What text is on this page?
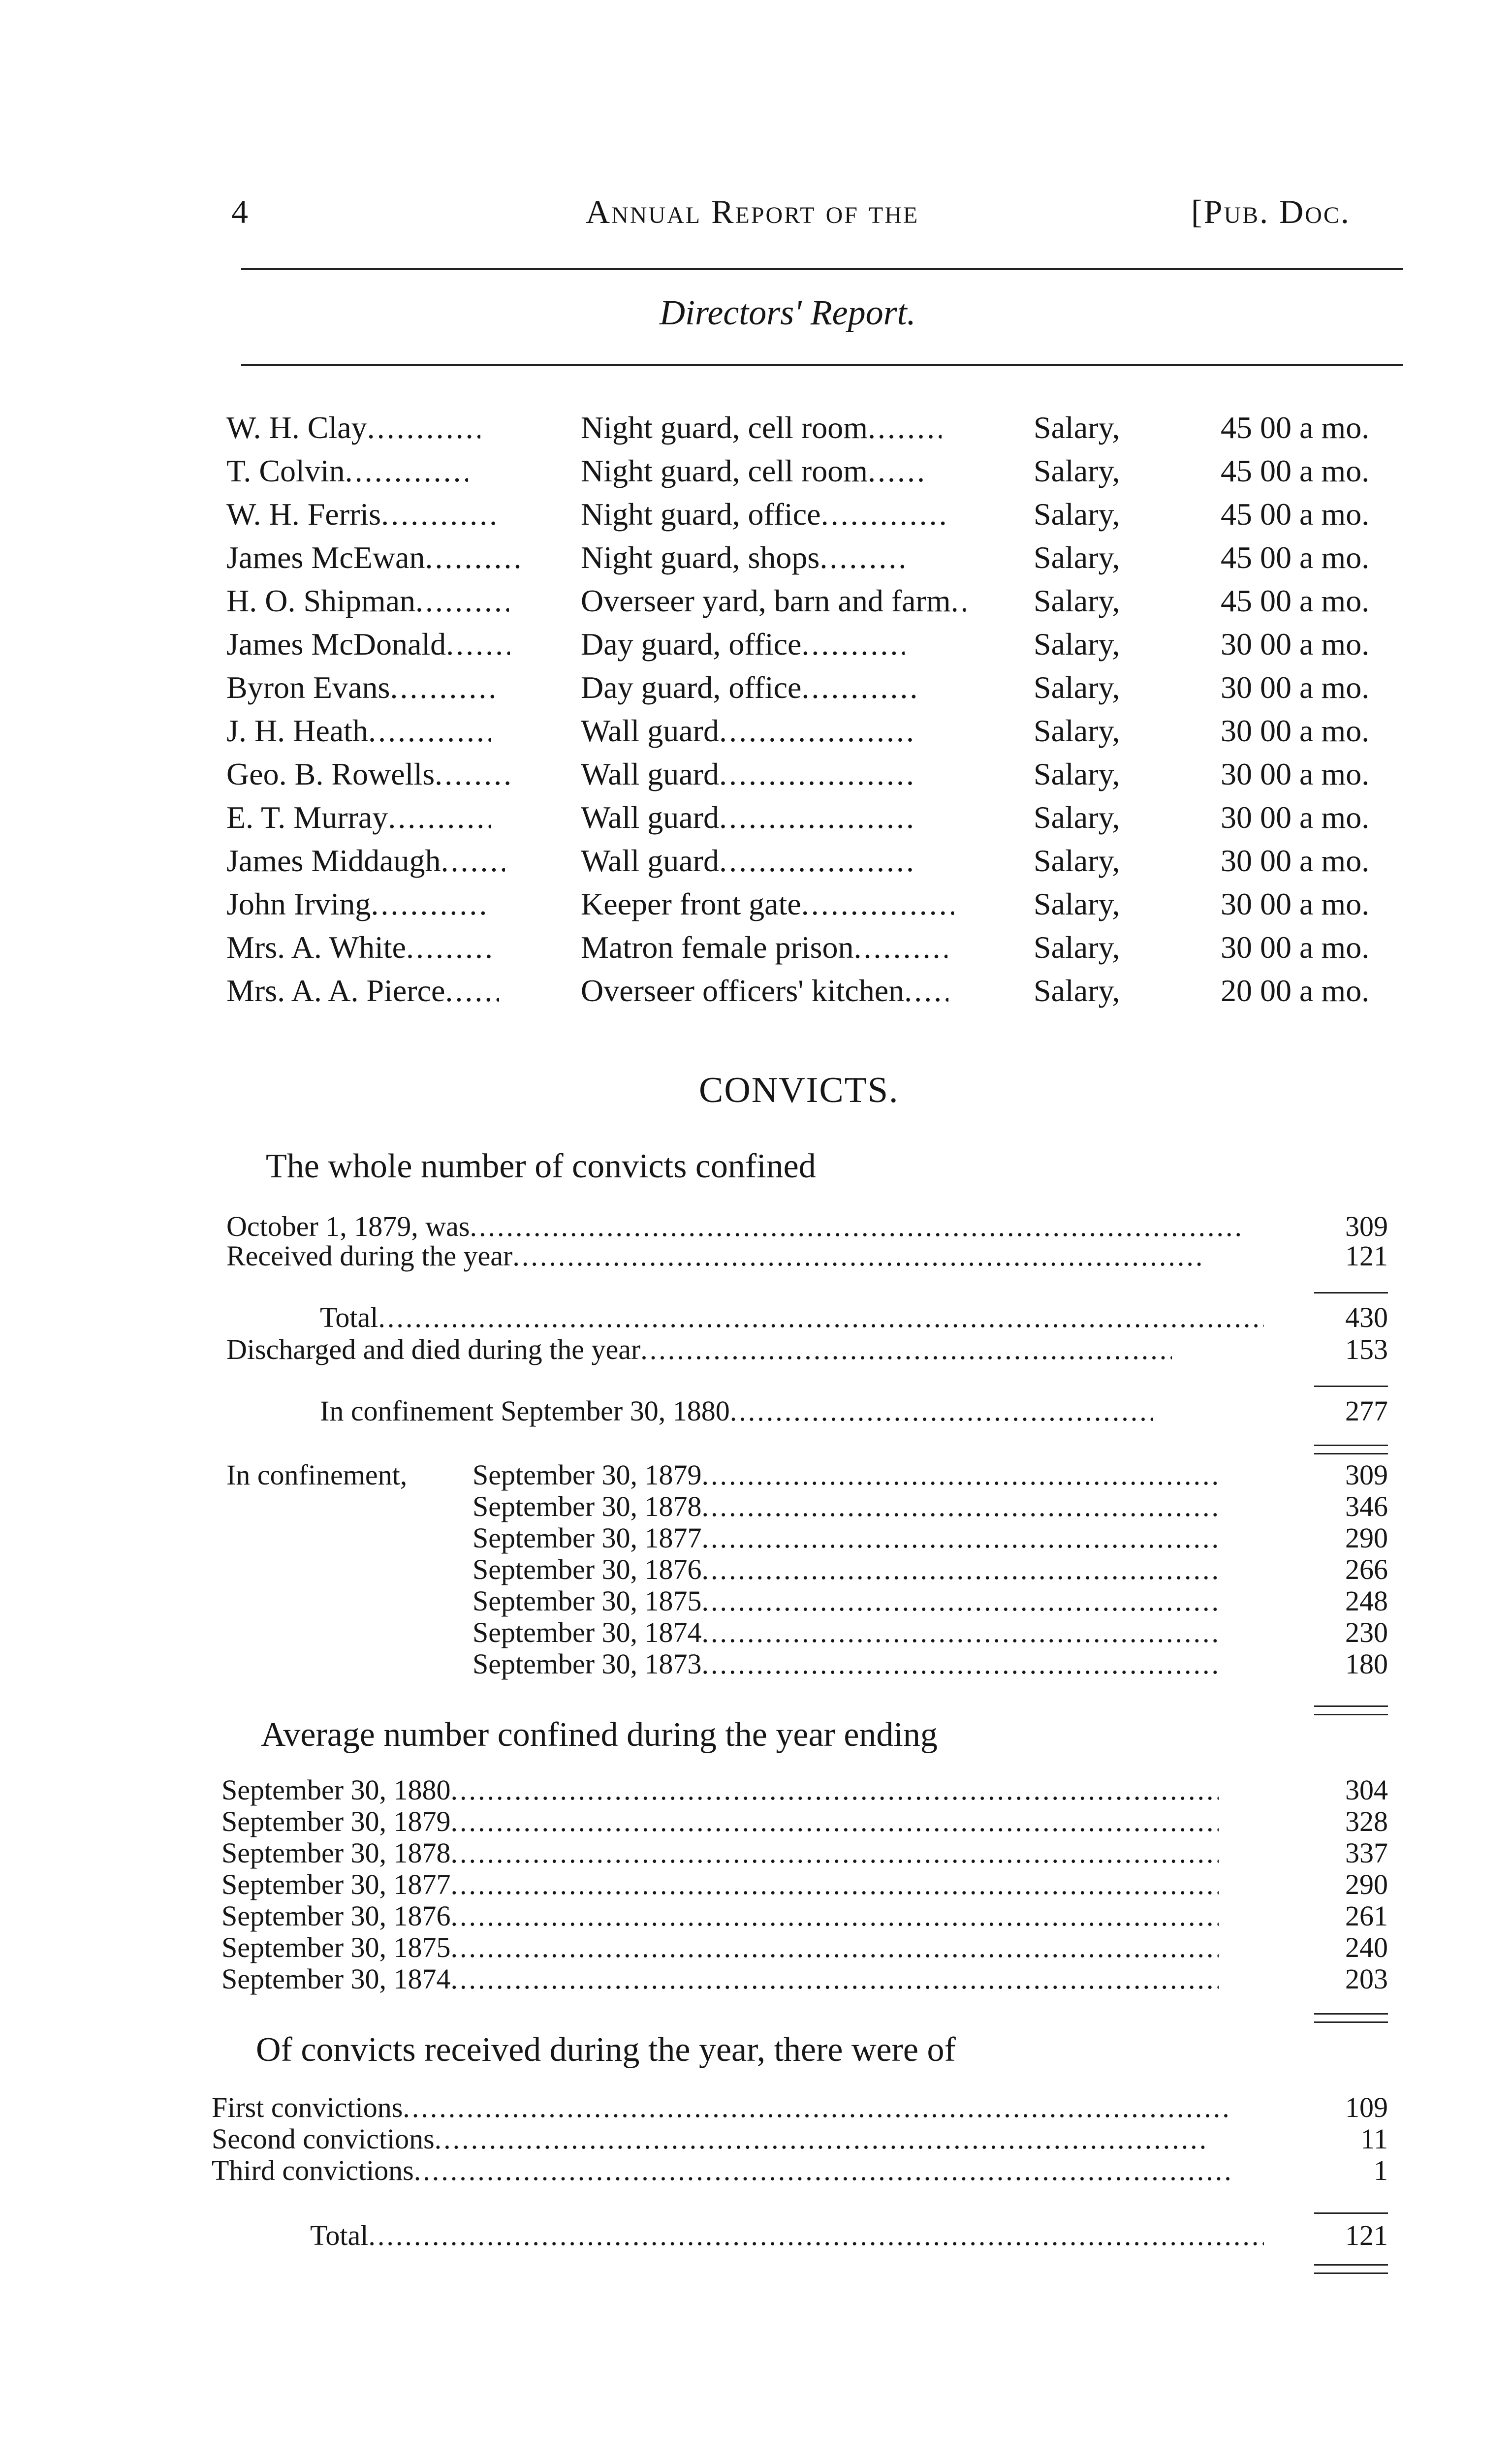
4	Annual Report of the	[Pub. Doc.
Directors' Report.
W. H. Clay .....	Night guard, cell room .....	Salary,	45 00 a mo.
T. Colvin .....	Night guard, cell room .....	Salary,	45 00 a mo.
W. H. Ferris .....	Night guard, office .....	Salary,	45 00 a mo.
James McEwan .....	Night guard, shops .....	Salary,	45 00 a mo.
H. O. Shipman .....	Overseer yard, barn and farm .....	Salary,	45 00 a mo.
James McDonald .....	Day guard, office .....	Salary,	30 00 a mo.
Byron Evans .....	Day guard, office .....	Salary,	30 00 a mo.
J. H. Heath .....	Wall guard .....	Salary,	30 00 a mo.
Geo. B. Rowells .....	Wall guard .....	Salary,	30 00 a mo.
E. T. Murray .....	Wall guard .....	Salary,	30 00 a mo.
James Middaugh .....	Wall guard .....	Salary,	30 00 a mo.
John Irving .....	Keeper front gate .....	Salary,	30 00 a mo.
Mrs. A. White .....	Matron female prison .....	Salary,	30 00 a mo.
Mrs. A. A. Pierce .....	Overseer officers' kitchen .....	Salary,	20 00 a mo.
CONVICTS.
The whole number of convicts confined
October 1, 1879, was .....	309
Received during the year .....	121
Total .....	430
Discharged and died during the year .....	153
In confinement September 30, 1880 .....	277
In confinement, September 30, 1879 .....	309
September 30, 1878 .....	346
September 30, 1877 .....	290
September 30, 1876 .....	266
September 30, 1875 .....	248
September 30, 1874 .....	230
September 30, 1873 .....	180
Average number confined during the year ending
September 30, 1880 .....	304
September 30, 1879 .....	328
September 30, 1878 .....	337
September 30, 1877 .....	290
September 30, 1876 .....	261
September 30, 1875 .....	240
September 30, 1874 .....	203
Of convicts received during the year, there were of
First convictions .....	109
Second convictions .....	11
Third convictions .....	1
Total .....	121
